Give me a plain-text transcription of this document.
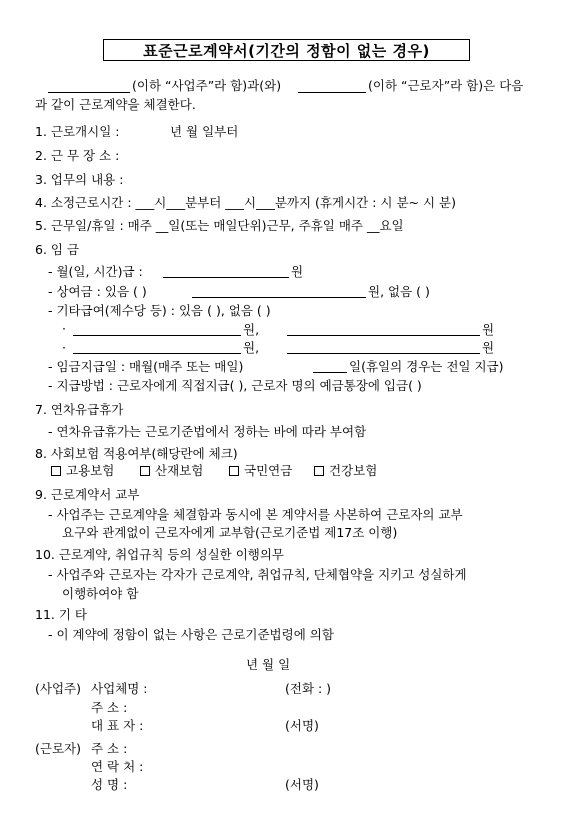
표준근로계약서(기간의 정함이 없는 경우)
(이하 “사업주”라 함)과(와)	(이하 “근로자”라 함)은 다음
과 같이 근로계약을 체결한다.
1. 근로개시일 :	년 월 일부터
2. 근 무 장 소 :
3. 업무의 내용 :
4. 소정근로시간 : ___시___분부터 ___시___분까지 (휴게시간 : 시 분~ 시 분)
5. 근무일/휴일 : 매주 __일(또는 매일단위)근무, 주휴일 매주 __요일
6. 임 금
- 월(일, 시간)급 :	원
- 상여금 : 있음 ( )	원, 없음 ( )
- 기타급여(제수당 등) : 있음 ( ), 없음 ( )
·	원,	원
·	원,	원
- 임금지급일 : 매월(매주 또는 매일)	일(휴일의 경우는 전일 지급)
- 지급방법 : 근로자에게 직접지급( ), 근로자 명의 예금통장에 입금( )
7. 연차유급휴가
- 연차유급휴가는 근로기준법에서 정하는 바에 따라 부여함
8. 사회보험 적용여부(해당란에 체크)
고용보험	산재보험	국민연금	건강보험
9. 근로계약서 교부
- 사업주는 근로계약을 체결함과 동시에 본 계약서를 사본하여 근로자의 교부
요구와 관계없이 근로자에게 교부함(근로기준법 제17조 이행)
10. 근로계약, 취업규칙 등의 성실한 이행의무
- 사업주와 근로자는 각자가 근로계약, 취업규칙, 단체협약을 지키고 성실하게
이행하여야 함
11. 기 타
- 이 계약에 정함이 없는 사항은 근로기준법령에 의함
년 월 일
(사업주) 사업체명 :	(전화 : )
주 소 :
대 표 자 :	(서명)
(근로자) 주 소 :
연 락 처 :
성 명 :	(서명)
